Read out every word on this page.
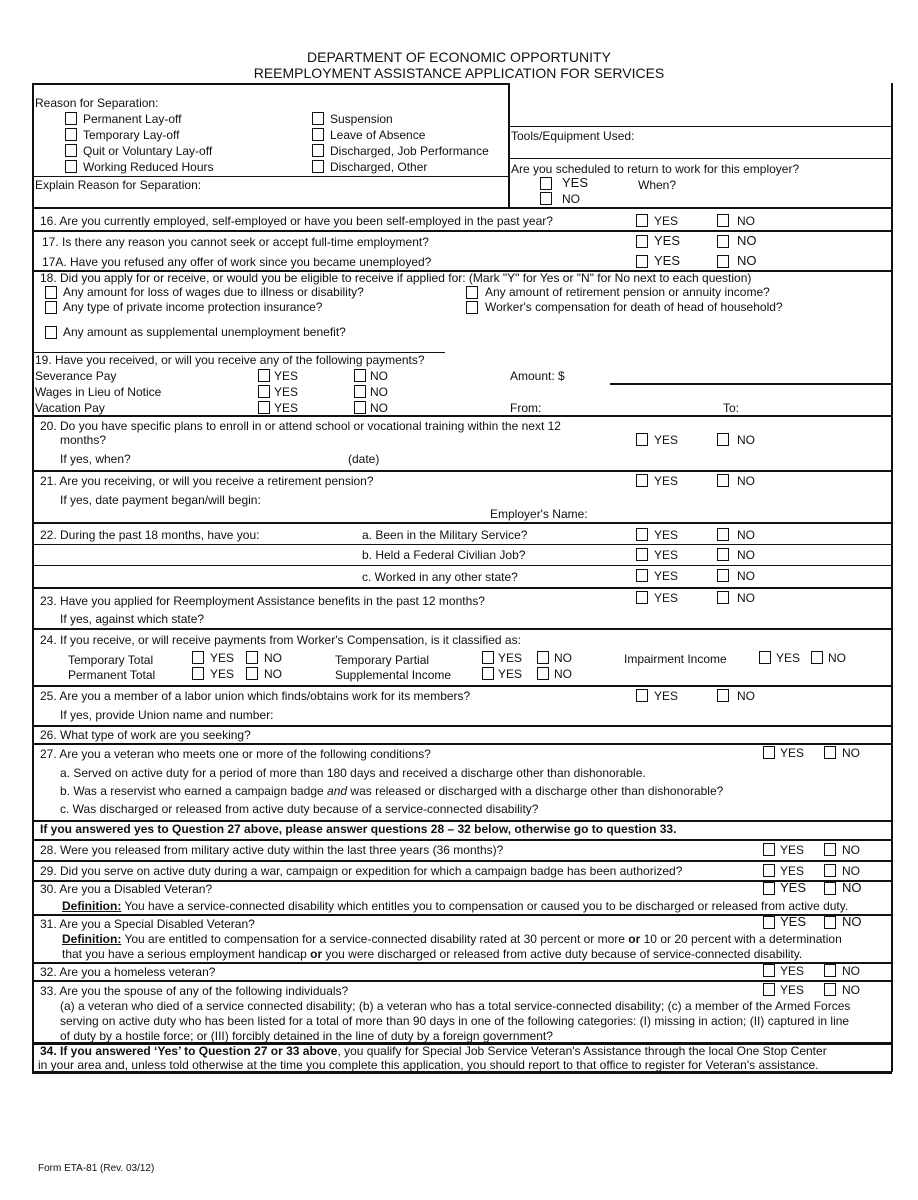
DEPARTMENT OF ECONOMIC OPPORTUNITY
REEMPLOYMENT ASSISTANCE APPLICATION FOR SERVICES
Reason for Separation:
Permanent Lay-off
Temporary Lay-off
Quit or Voluntary Lay-off
Working Reduced Hours
Suspension
Leave of Absence
Discharged, Job Performance
Discharged, Other
Explain Reason for Separation:
Tools/Equipment Used:
Are you scheduled to return to work for this employer?
YES
NO
When?
16. Are you currently employed, self-employed or have you been self-employed in the past year?	YES	NO
17. Is there any reason you cannot seek or accept full-time employment?	YES	NO
17A. Have you refused any offer of work since you became unemployed?	YES	NO
18. Did you apply for or receive, or would you be eligible to receive if applied for: (Mark "Y" for Yes or "N" for No next to each question)
Any amount for loss of wages due to illness or disability?
Any type of private income protection insurance?
Any amount as supplemental unemployment benefit?
Any amount of retirement pension or annuity income?
Worker's compensation for death of head of household?
19. Have you received, or will you receive any of the following payments?
Severance Pay	YES	NO	Amount: $
Wages in Lieu of Notice	YES	NO
Vacation Pay	YES	NO	From:	To:
20. Do you have specific plans to enroll in or attend school or vocational training within the next 12
months?	YES	NO
If yes, when?	(date)
21. Are you receiving, or will you receive a retirement pension?	YES	NO
If yes, date payment began/will begin:
Employer's Name:
22. During the past 18 months, have you:	a. Been in the Military Service?	YES	NO
b. Held a Federal Civilian Job?	YES	NO
c. Worked in any other state?	YES	NO
23. Have you applied for Reemployment Assistance benefits in the past 12 months?	YES	NO
If yes, against which state?
24. If you receive, or will receive payments from Worker's Compensation, is it classified as:
Temporary Total	YES NO
Permanent Total	YES NO
Temporary Partial	YES	NO
Supplemental Income	YES	NO
Impairment Income	YES NO
25. Are you a member of a labor union which finds/obtains work for its members?	YES	NO
If yes, provide Union name and number:
26. What type of work are you seeking?
27. Are you a veteran who meets one or more of the following conditions?	YES	NO
a. Served on active duty for a period of more than 180 days and received a discharge other than dishonorable.
b. Was a reservist who earned a campaign badge and was released or discharged with a discharge other than dishonorable?
c. Was discharged or released from active duty because of a service-connected disability?
If you answered yes to Question 27 above, please answer questions 28 – 32 below, otherwise go to question 33.
28. Were you released from military active duty within the last three years (36 months)?	YES	NO
29. Did you serve on active duty during a war, campaign or expedition for which a campaign badge has been authorized?	YES	NO
30. Are you a Disabled Veteran?	YES	NO
Definition: You have a service-connected disability which entitles you to compensation or caused you to be discharged or released from active duty.
31. Are you a Special Disabled Veteran?	YES	NO
Definition: You are entitled to compensation for a service-connected disability rated at 30 percent or more or 10 or 20 percent with a determination
that you have a serious employment handicap or you were discharged or released from active duty because of service-connected disability.
32. Are you a homeless veteran?	YES	NO
33. Are you the spouse of any of the following individuals?	YES	NO
(a) a veteran who died of a service connected disability; (b) a veteran who has a total service-connected disability; (c) a member of the Armed Forces
serving on active duty who has been listed for a total of more than 90 days in one of the following categories: (I) missing in action; (II) captured in line
of duty by a hostile force; or (III) forcibly detained in the line of duty by a foreign government?
34. If you answered ‘Yes’ to Question 27 or 33 above, you qualify for Special Job Service Veteran's Assistance through the local One Stop Center
in your area and, unless told otherwise at the time you complete this application, you should report to that office to register for Veteran's assistance.
Form ETA-81 (Rev. 03/12)
